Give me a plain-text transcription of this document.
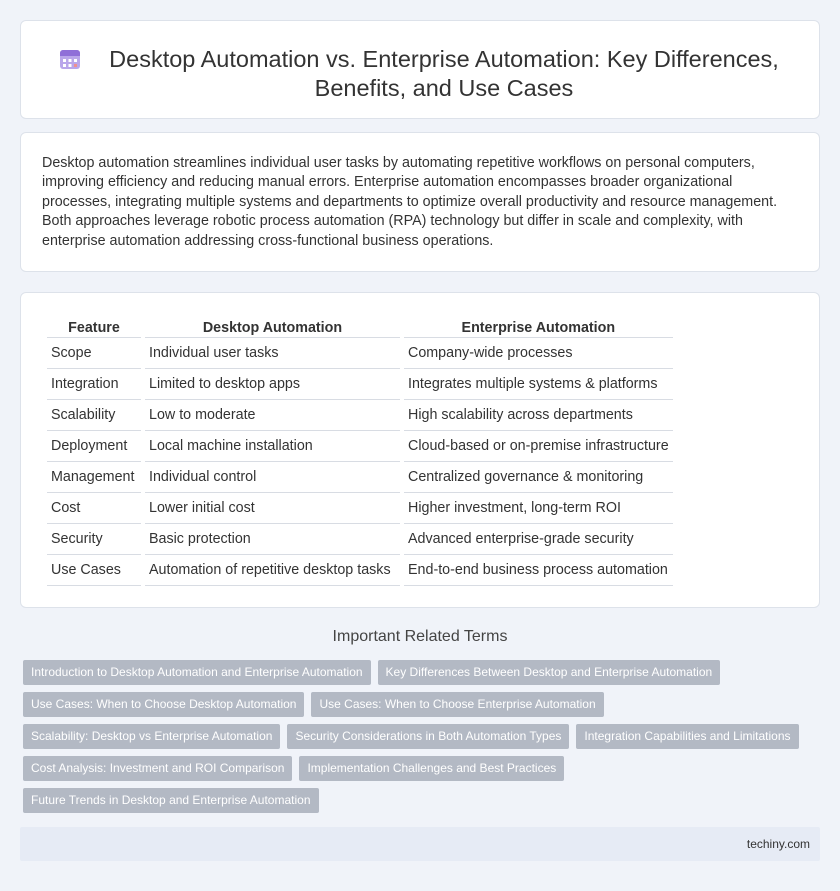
Desktop Automation vs. Enterprise Automation: Key Differences, Benefits, and Use Cases

Desktop automation streamlines individual user tasks by automating repetitive workflows on personal computers, improving efficiency and reducing manual errors. Enterprise automation encompasses broader organizational processes, integrating multiple systems and departments to optimize overall productivity and resource management. Both approaches leverage robotic process automation (RPA) technology but differ in scale and complexity, with enterprise automation addressing cross-functional business operations.

Feature	Desktop Automation	Enterprise Automation
Scope	Individual user tasks	Company-wide processes
Integration	Limited to desktop apps	Integrates multiple systems & platforms
Scalability	Low to moderate	High scalability across departments
Deployment	Local machine installation	Cloud-based or on-premise infrastructure
Management	Individual control	Centralized governance & monitoring
Cost	Lower initial cost	Higher investment, long-term ROI
Security	Basic protection	Advanced enterprise-grade security
Use Cases	Automation of repetitive desktop tasks	End-to-end business process automation
Important Related Terms
Introduction to Desktop Automation and Enterprise Automation	Key Differences Between Desktop and Enterprise Automation
Use Cases: When to Choose Desktop Automation	Use Cases: When to Choose Enterprise Automation
Scalability: Desktop vs Enterprise Automation	Security Considerations in Both Automation Types	Integration Capabilities and Limitations
Cost Analysis: Investment and ROI Comparison	Implementation Challenges and Best Practices
Future Trends in Desktop and Enterprise Automation
techiny.com
